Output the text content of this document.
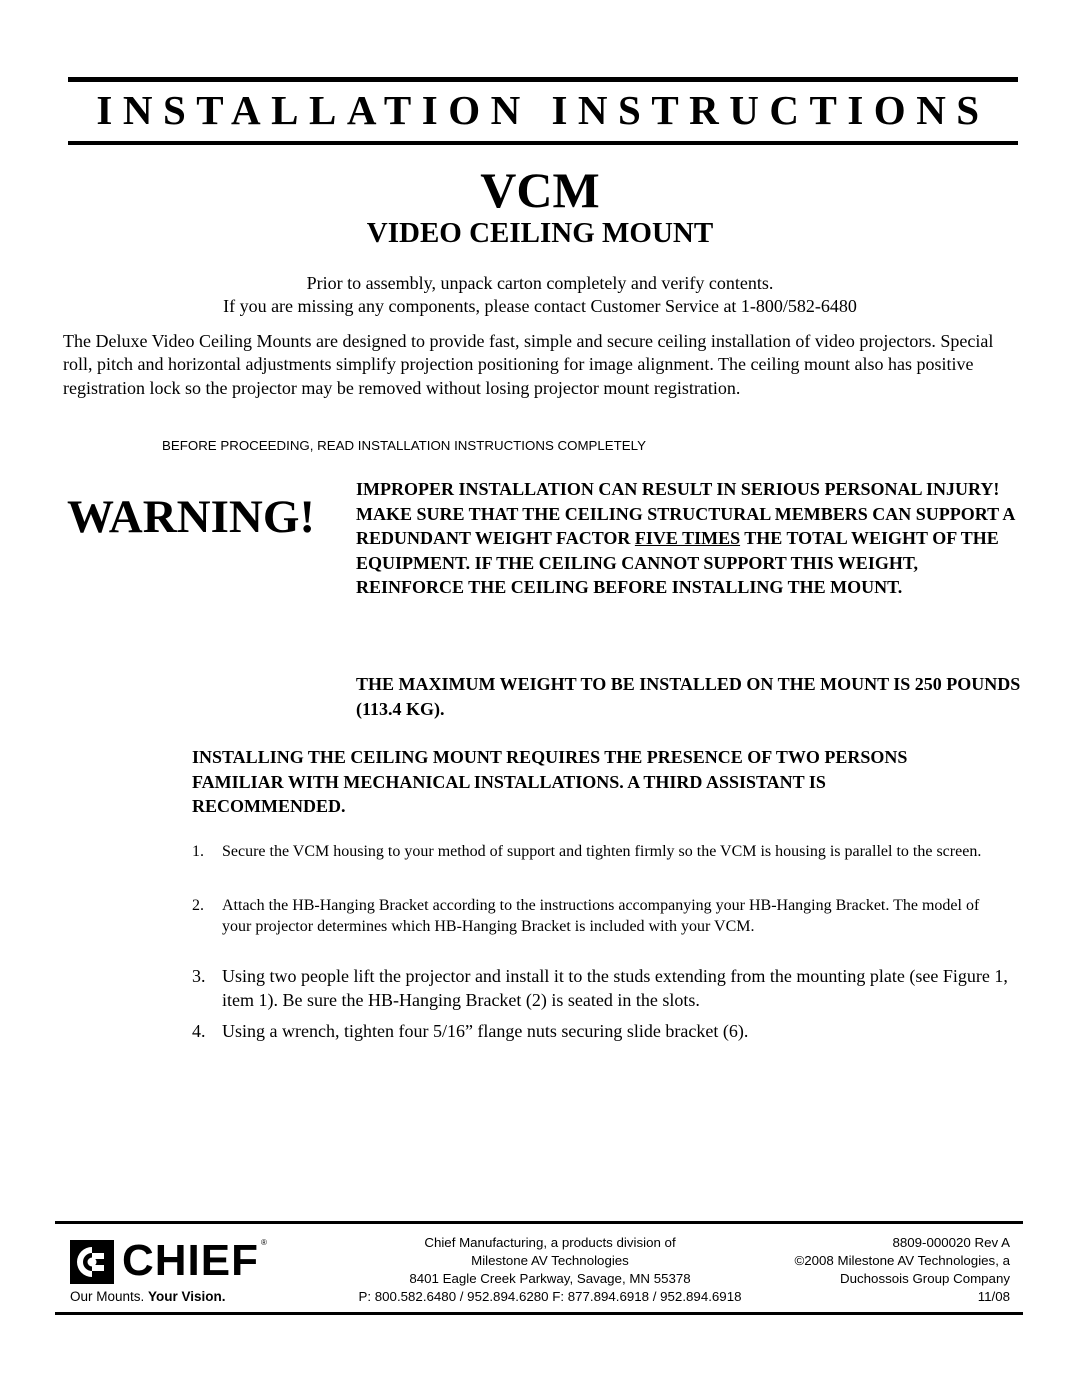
INSTALLATION INSTRUCTIONS
VCM
VIDEO CEILING MOUNT
Prior to assembly, unpack carton completely and verify contents.
If you are missing any components, please contact Customer Service at 1-800/582-6480

The Deluxe Video Ceiling Mounts are designed to provide fast, simple and secure ceiling installation of video projectors. Special roll, pitch and horizontal adjustments simplify projection positioning for image alignment. The ceiling mount also has positive registration lock so the projector may be removed without losing projector mount registration.

BEFORE PROCEEDING, READ INSTALLATION INSTRUCTIONS COMPLETELY
WARNING!

IMPROPER INSTALLATION CAN RESULT IN SERIOUS PERSONAL INJURY! MAKE SURE THAT THE CEILING STRUCTURAL MEMBERS CAN SUPPORT A REDUNDANT WEIGHT FACTOR FIVE TIMES THE TOTAL WEIGHT OF THE EQUIPMENT. IF THE CEILING CANNOT SUPPORT THIS WEIGHT, REINFORCE THE CEILING BEFORE INSTALLING THE MOUNT.

THE MAXIMUM WEIGHT TO BE INSTALLED ON THE MOUNT IS 250 POUNDS (113.4 KG).

INSTALLING THE CEILING MOUNT REQUIRES THE PRESENCE OF TWO PERSONS FAMILIAR WITH MECHANICAL INSTALLATIONS. A THIRD ASSISTANT IS RECOMMENDED.

1.	Secure the VCM housing to your method of support and tighten firmly so the VCM is housing is parallel to the screen.
2.	Attach the HB-Hanging Bracket according to the instructions accompanying your HB-Hanging Bracket. The model of your projector determines which HB-Hanging Bracket is included with your VCM.
3. Using two people lift the projector and install it to the studs extending from the mounting plate (see Figure 1, item 1). Be sure the HB-Hanging Bracket (2) is seated in the slots.
4. Using a wrench, tighten four 5/16” flange nuts securing slide bracket (6).
CHIEF ®
Our Mounts. Your Vision.
Chief Manufacturing, a products division of
Milestone AV Technologies
8401 Eagle Creek Parkway, Savage, MN 55378
P: 800.582.6480 / 952.894.6280 F: 877.894.6918 / 952.894.6918
8809-000020 Rev A
©2008 Milestone AV Technologies, a
Duchossois Group Company
11/08
